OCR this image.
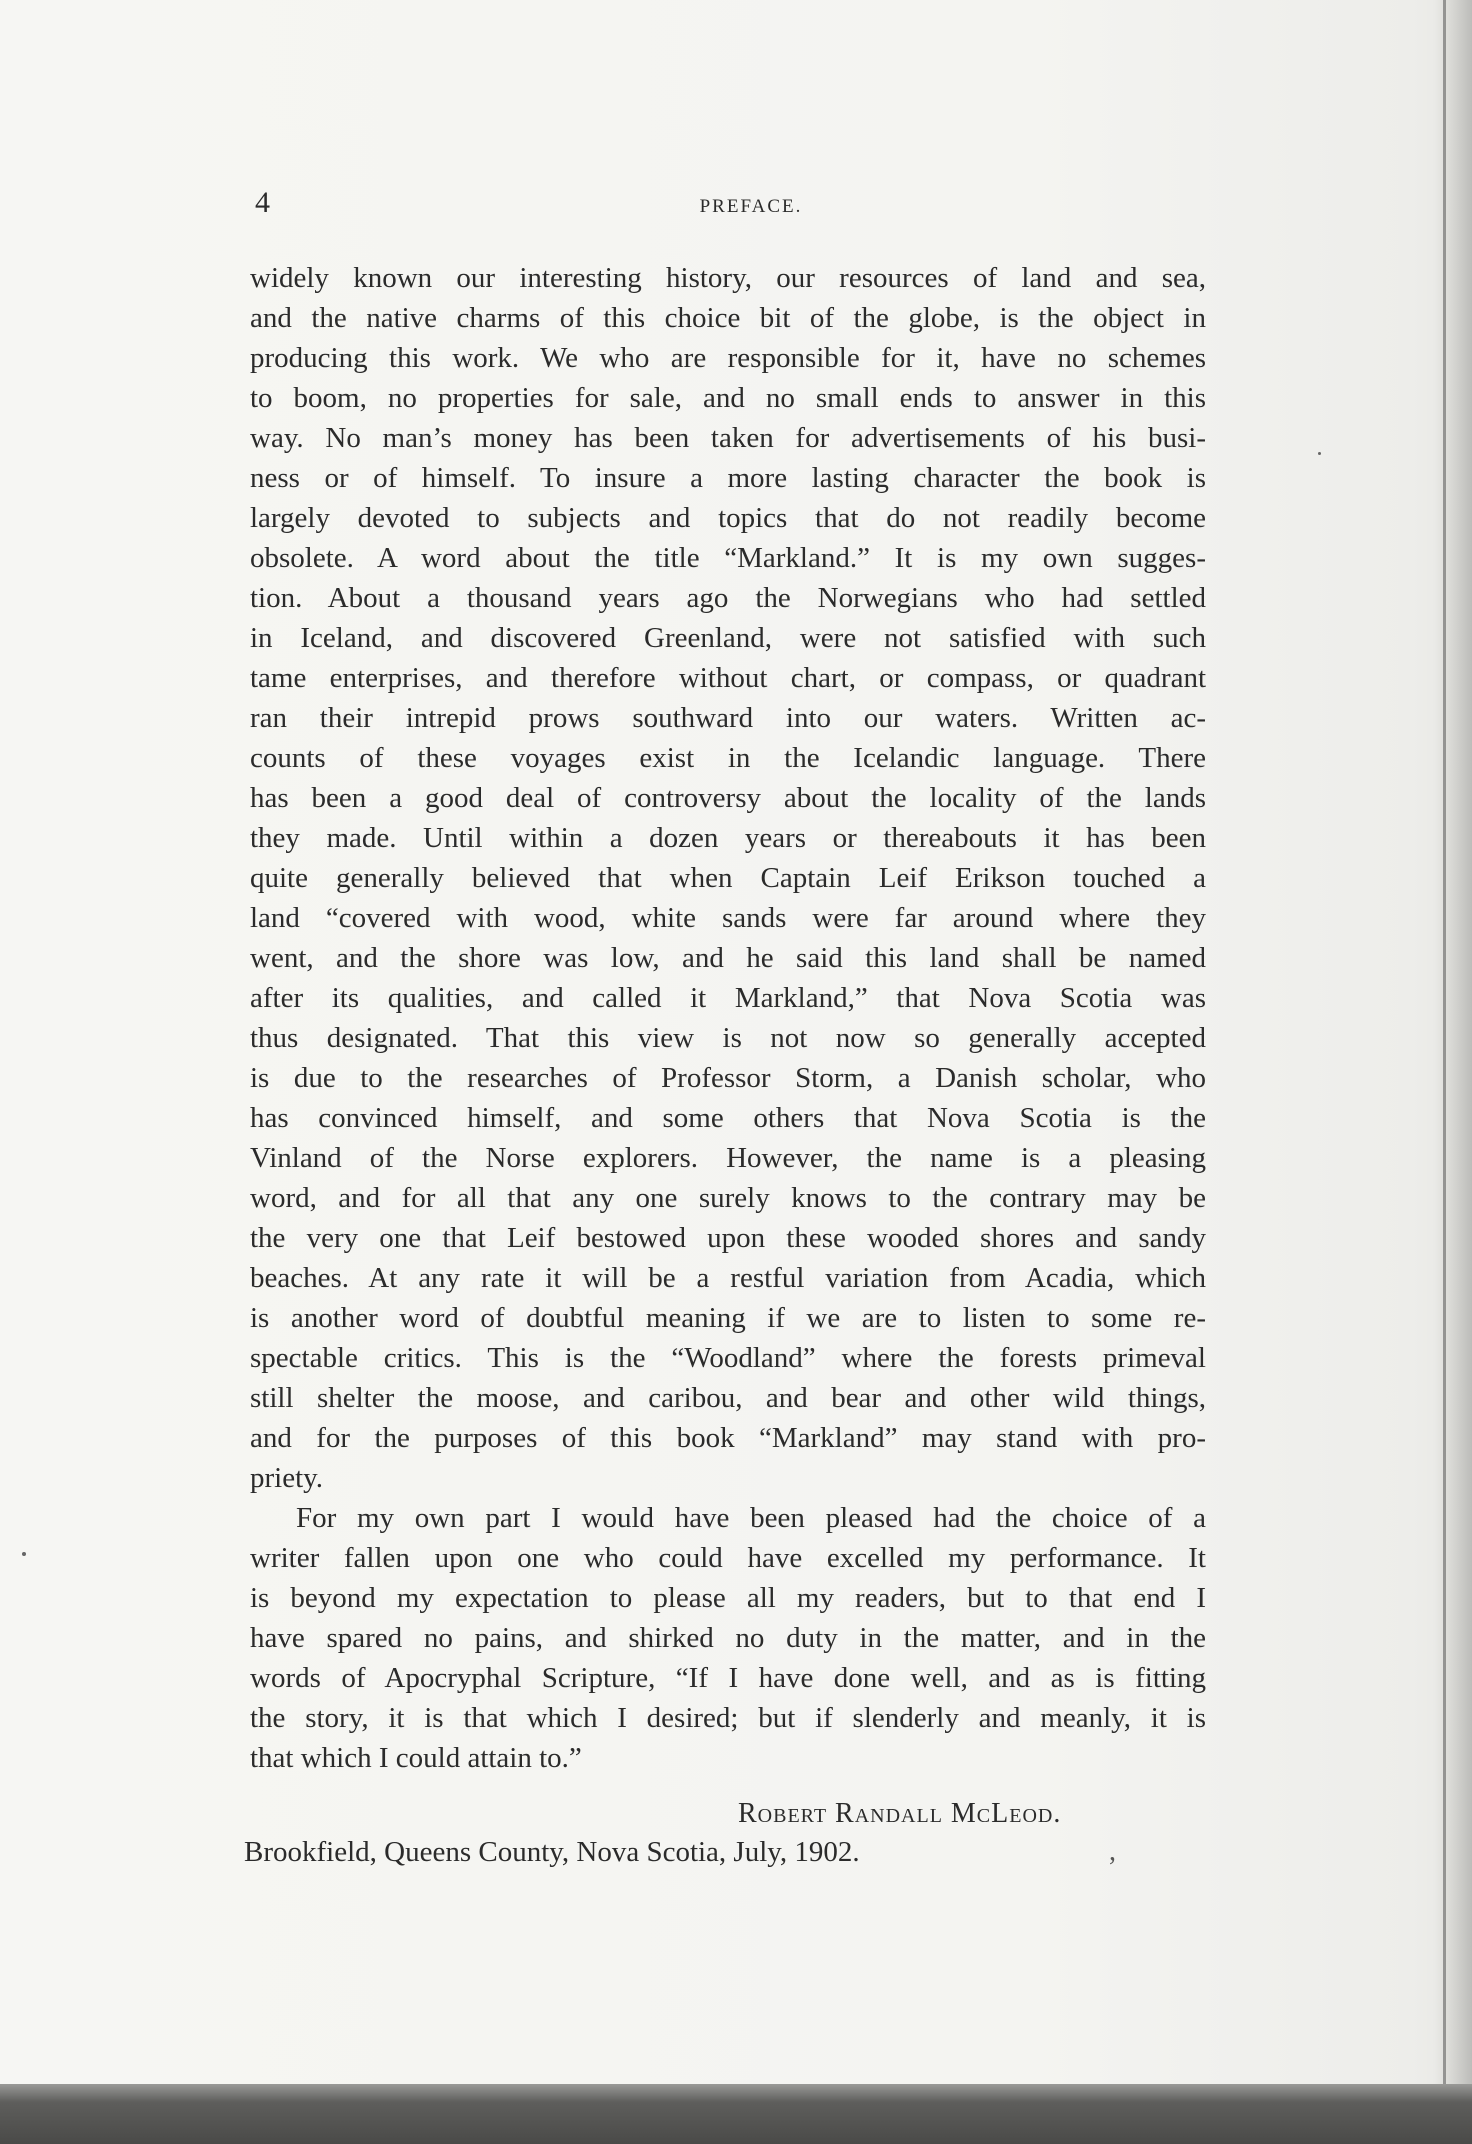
4	PREFACE.
widely known our interesting history, our resources of land and sea,
and the native charms of this choice bit of the globe, is the object in
producing this work. We who are responsible for it, have no schemes
to boom, no properties for sale, and no small ends to answer in this
way. No man’s money has been taken for advertisements of his busi-
ness or of himself. To insure a more lasting character the book is
largely devoted to subjects and topics that do not readily become
obsolete. A word about the title “Markland.” It is my own sugges-
tion. About a thousand years ago the Norwegians who had settled
in Iceland, and discovered Greenland, were not satisfied with such
tame enterprises, and therefore without chart, or compass, or quadrant
ran their intrepid prows southward into our waters. Written ac-
counts of these voyages exist in the Icelandic language. There
has been a good deal of controversy about the locality of the lands
they made. Until within a dozen years or thereabouts it has been
quite generally believed that when Captain Leif Erikson touched a
land “covered with wood, white sands were far around where they
went, and the shore was low, and he said this land shall be named
after its qualities, and called it Markland,” that Nova Scotia was
thus designated. That this view is not now so generally accepted
is due to the researches of Professor Storm, a Danish scholar, who
has convinced himself, and some others that Nova Scotia is the
Vinland of the Norse explorers. However, the name is a pleasing
word, and for all that any one surely knows to the contrary may be
the very one that Leif bestowed upon these wooded shores and sandy
beaches. At any rate it will be a restful variation from Acadia, which
is another word of doubtful meaning if we are to listen to some re-
spectable critics. This is the “Woodland” where the forests primeval
still shelter the moose, and caribou, and bear and other wild things,
and for the purposes of this book “Markland” may stand with pro-
priety.
For my own part I would have been pleased had the choice of a
writer fallen upon one who could have excelled my performance. It
is beyond my expectation to please all my readers, but to that end I
have spared no pains, and shirked no duty in the matter, and in the
words of Apocryphal Scripture, “If I have done well, and as is fitting
the story, it is that which I desired; but if slenderly and meanly, it is
that which I could attain to.”
Robert Randall McLeod.
Brookfield, Queens County, Nova Scotia, July, 1902.	,
